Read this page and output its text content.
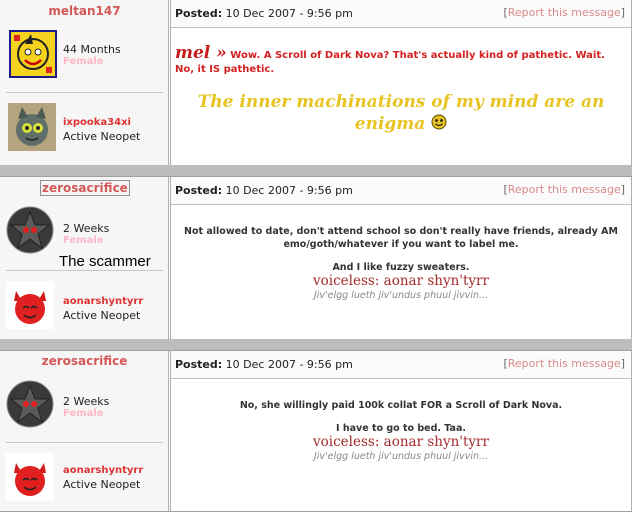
meltan147
44 Months
Female
ixpooka34xi
Active Neopet
Posted: 10 Dec 2007 - 9:56 pm	[Report this message]
mel » Wow. A Scroll of Dark Nova? That's actually kind of pathetic. Wait. No, it IS pathetic.
The inner machinations of my mind are an enigma
zerosacrifice
2 Weeks
Female
The scammer
aonarshyntyrr
Active Neopet
Posted: 10 Dec 2007 - 9:56 pm	[Report this message]
Not allowed to date, don't attend school so don't really have friends, already AM
emo/goth/whatever if you want to label me.
And I like fuzzy sweaters.
voiceless: aonar shyn'tyrr
Jiv'elgg lueth jiv'undus phuul jivvin...
zerosacrifice
2 Weeks
Female
aonarshyntyrr
Active Neopet
Posted: 10 Dec 2007 - 9:56 pm	[Report this message]
No, she willingly paid 100k collat FOR a Scroll of Dark Nova.
I have to go to bed. Taa.
voiceless: aonar shyn'tyrr
Jiv'elgg lueth jiv'undus phuul jivvin...
